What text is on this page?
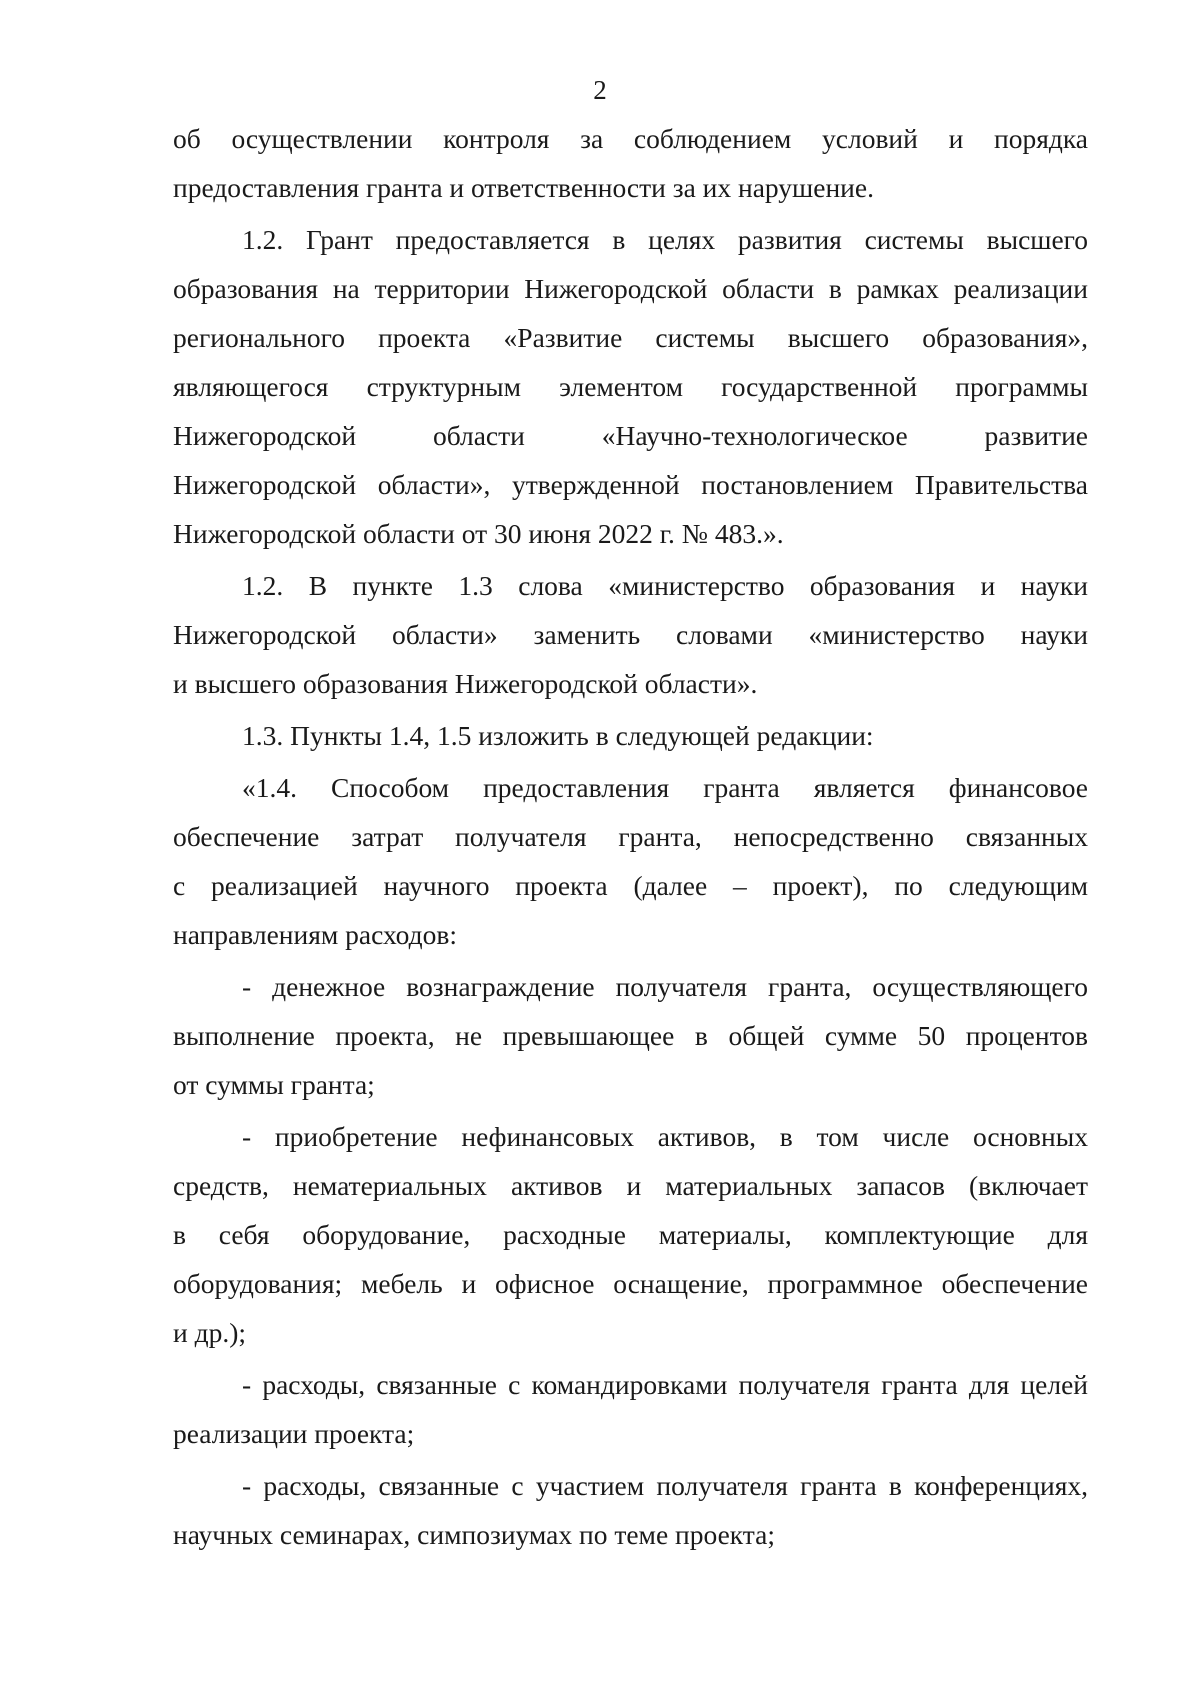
2
об осуществлении контроля за соблюдением условий и порядка
предоставления гранта и ответственности за их нарушение.
1.2. Грант предоставляется в целях развития системы высшего
образования на территории Нижегородской области в рамках реализации
регионального проекта «Развитие системы высшего образования»,
являющегося структурным элементом государственной программы
Нижегородской области «Научно-технологическое развитие
Нижегородской области», утвержденной постановлением Правительства
Нижегородской области от 30 июня 2022 г. № 483.».
1.2. В пункте 1.3 слова «министерство образования и науки
Нижегородской области» заменить словами «министерство науки
и высшего образования Нижегородской области».
1.3. Пункты 1.4, 1.5 изложить в следующей редакции:
«1.4. Способом предоставления гранта является финансовое
обеспечение затрат получателя гранта, непосредственно связанных
с реализацией научного проекта (далее – проект), по следующим
направлениям расходов:
- денежное вознаграждение получателя гранта, осуществляющего
выполнение проекта, не превышающее в общей сумме 50 процентов
от суммы гранта;
- приобретение нефинансовых активов, в том числе основных
средств, нематериальных активов и материальных запасов (включает
в себя оборудование, расходные материалы, комплектующие для
оборудования; мебель и офисное оснащение, программное обеспечение
и др.);
- расходы, связанные с командировками получателя гранта для целей
реализации проекта;
- расходы, связанные с участием получателя гранта в конференциях,
научных семинарах, симпозиумах по теме проекта;
